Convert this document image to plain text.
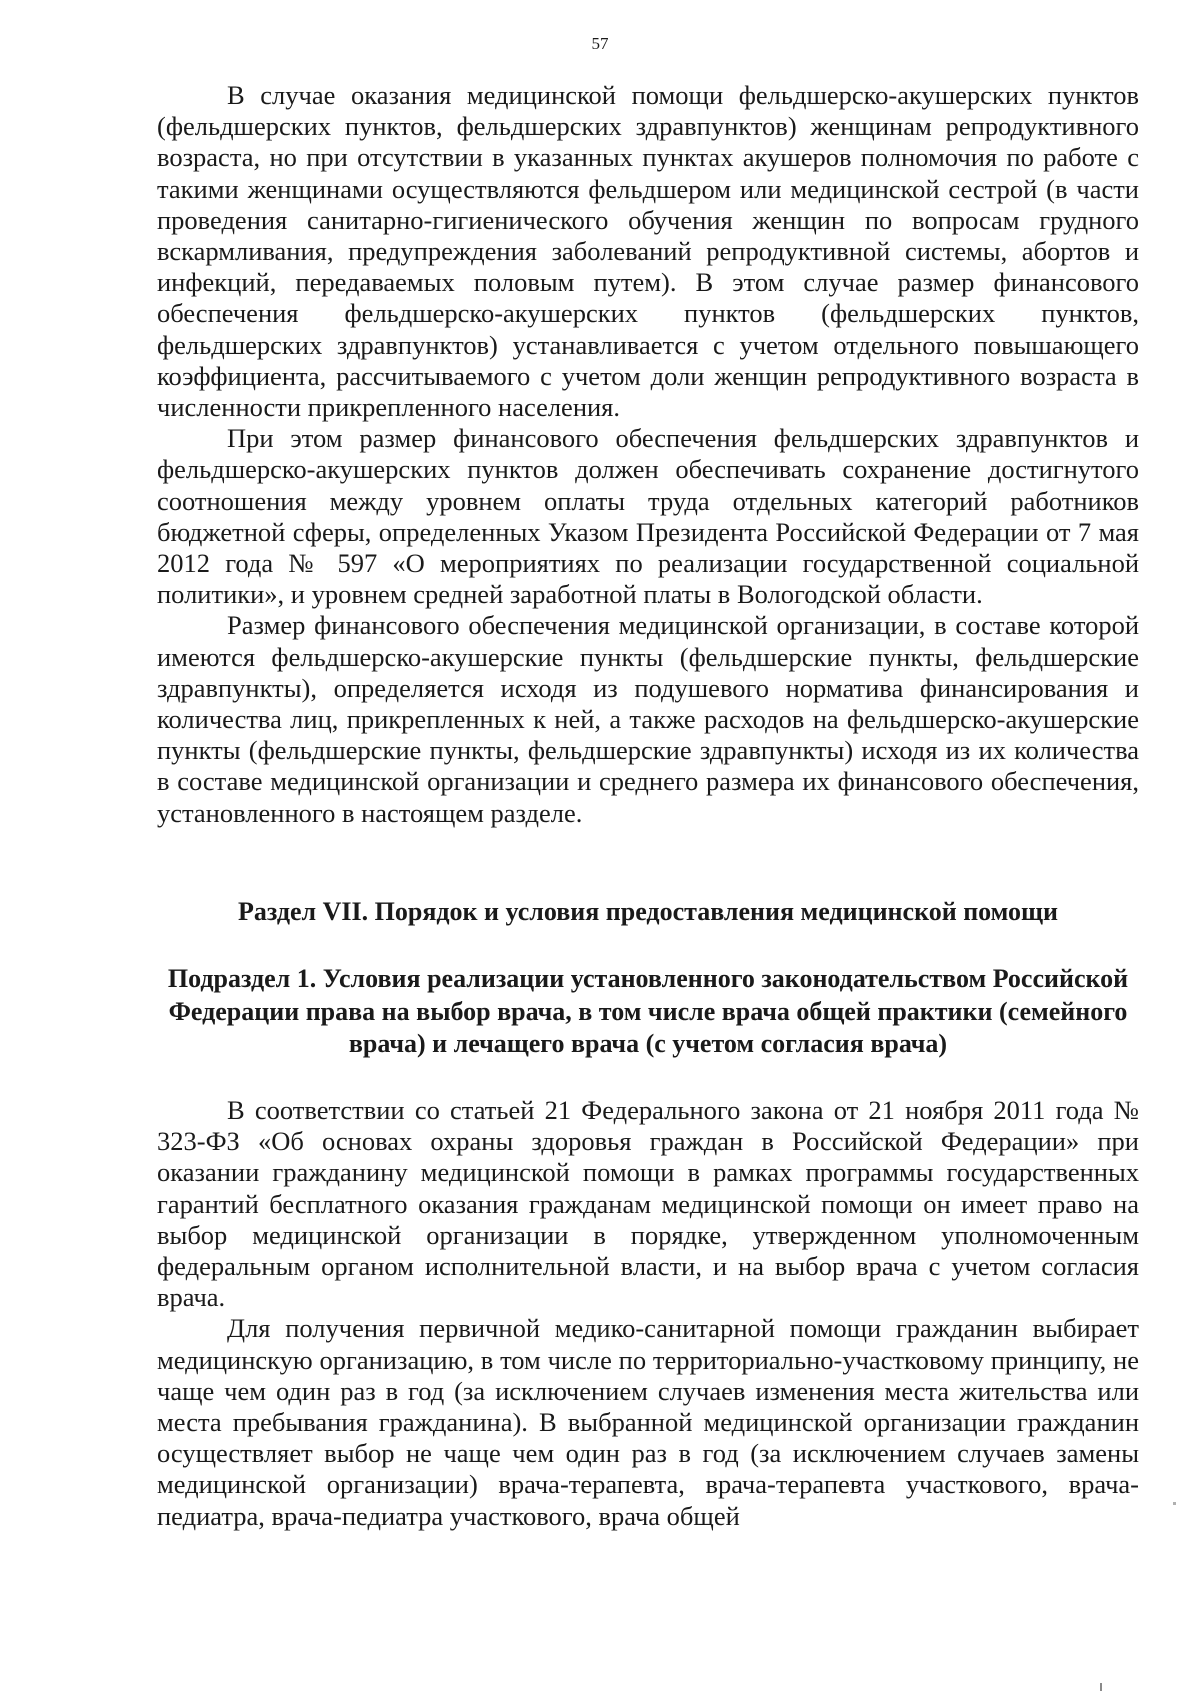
57

В случае оказания медицинской помощи фельдшерско-акушерских пунктов (фельдшерских пунктов, фельдшерских здравпунктов) женщинам репродуктивного возраста, но при отсутствии в указанных пунктах акушеров полномочия по работе с такими женщинами осуществляются фельдшером или медицинской сестрой (в части проведения санитарно-гигиенического обучения женщин по вопросам грудного вскармливания, предупреждения заболеваний репродуктивной системы, абортов и инфекций, передаваемых половым путем). В этом случае размер финансового обеспечения фельдшерско-акушерских пунктов (фельдшерских пунктов, фельдшерских здравпунктов) устанавливается с учетом отдельного повышающего коэффициента, рассчитываемого с учетом доли женщин репродуктивного возраста в численности прикрепленного населения.

При этом размер финансового обеспечения фельдшерских здравпунктов и фельдшерско-акушерских пунктов должен обеспечивать сохранение достигнутого соотношения между уровнем оплаты труда отдельных категорий работников бюджетной сферы, определенных Указом Президента Российской Федерации от 7 мая 2012 года № 597 «О мероприятиях по реализации государственной социальной политики», и уровнем средней заработной платы в Вологодской области.

Размер финансового обеспечения медицинской организации, в составе которой имеются фельдшерско-акушерские пункты (фельдшерские пункты, фельдшерские здравпункты), определяется исходя из подушевого норматива финансирования и количества лиц, прикрепленных к ней, а также расходов на фельдшерско-акушерские пункты (фельдшерские пункты, фельдшерские здравпункты) исходя из их количества в составе медицинской организации и среднего размера их финансового обеспечения, установленного в настоящем разделе.

Раздел VII. Порядок и условия предоставления медицинской помощи
Подраздел 1. Условия реализации установленного законодательством Российской Федерации права на выбор врача, в том числе врача общей практики (семейного врача) и лечащего врача (с учетом согласия врача)

В соответствии со статьей 21 Федерального закона от 21 ноября 2011 года № 323-ФЗ «Об основах охраны здоровья граждан в Российской Федерации» при оказании гражданину медицинской помощи в рамках программы государственных гарантий бесплатного оказания гражданам медицинской помощи он имеет право на выбор медицинской организации в порядке, утвержденном уполномоченным федеральным органом исполнительной власти, и на выбор врача с учетом согласия врача.

Для получения первичной медико-санитарной помощи гражданин выбирает медицинскую организацию, в том числе по территориально-участковому принципу, не чаще чем один раз в год (за исключением случаев изменения места жительства или места пребывания гражданина). В выбранной медицинской организации гражданин осуществляет выбор не чаще чем один раз в год (за исключением случаев замены медицинской организации) врача-терапевта, врача-терапевта участкового, врача-педиатра, врача-педиатра участкового, врача общей
